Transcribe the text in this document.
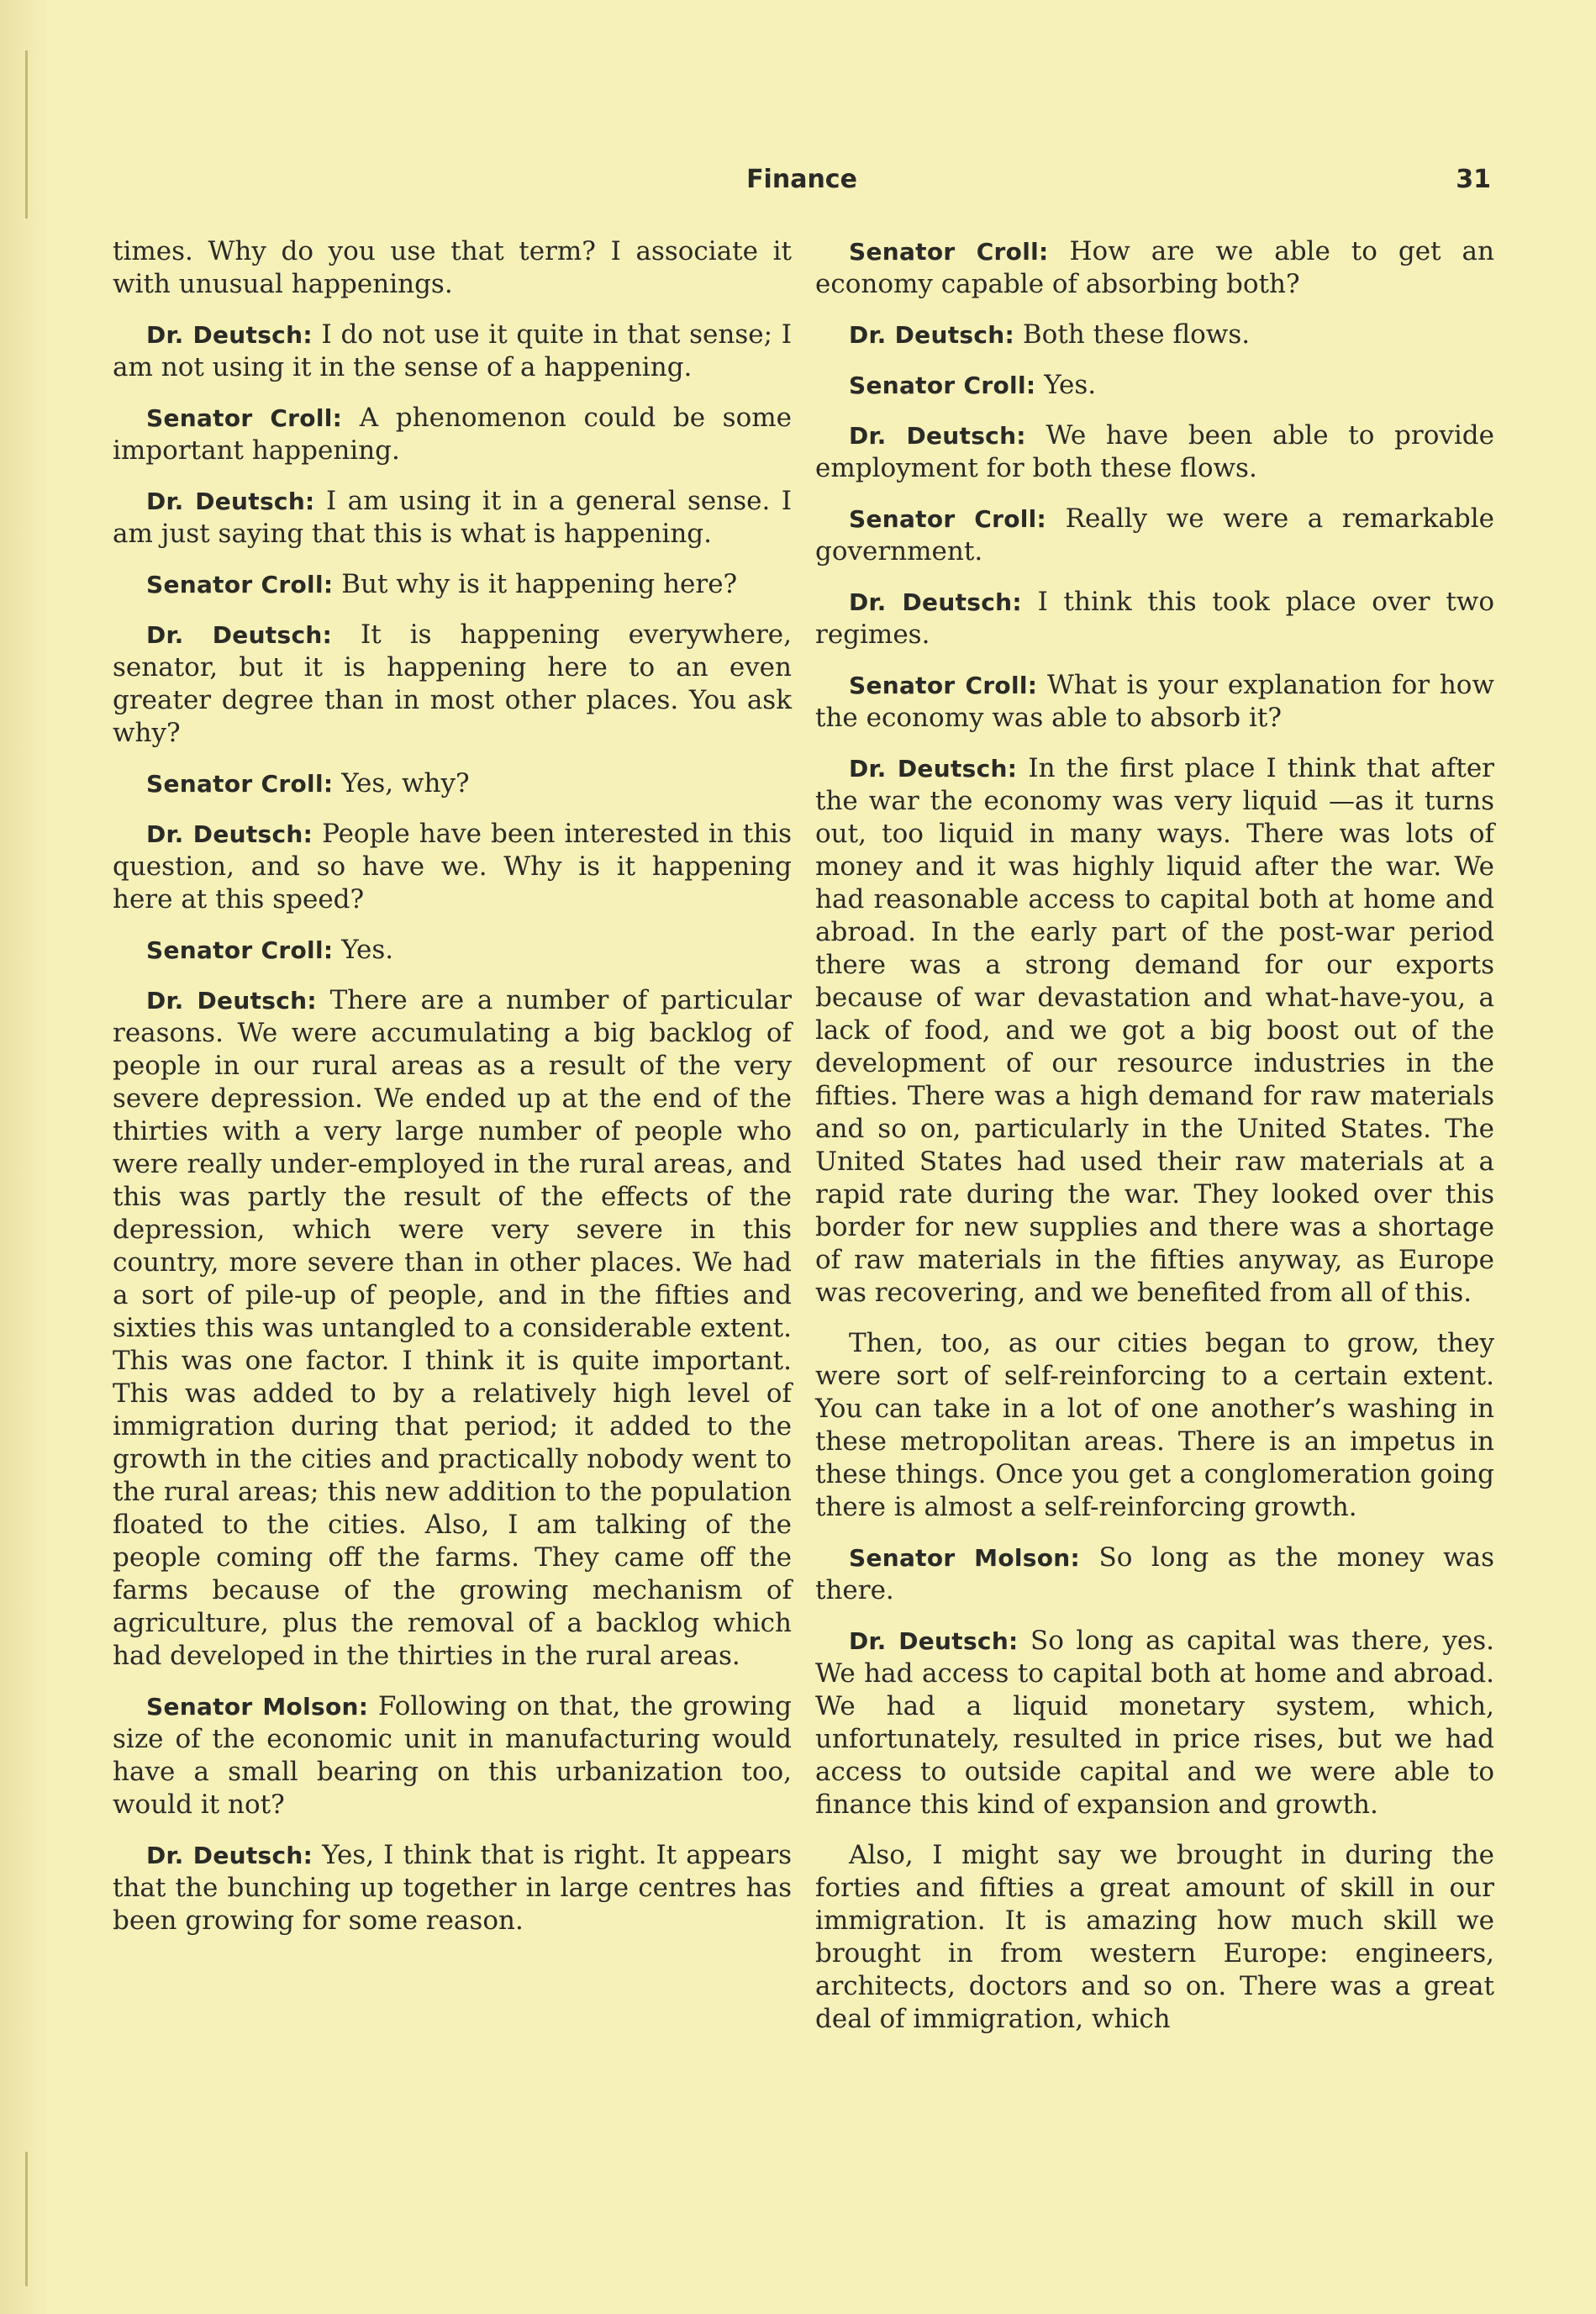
Finance	31

times. Why do you use that term? I associate it with unusual happenings.

Dr. Deutsch: I do not use it quite in that sense; I am not using it in the sense of a happening.

Senator Croll: A phenomenon could be some important happening.

Dr. Deutsch: I am using it in a general sense. I am just saying that this is what is happening.

Senator Croll: But why is it happening here?

Dr. Deutsch: It is happening everywhere, senator, but it is happening here to an even greater degree than in most other places. You ask why?

Senator Croll: Yes, why?

Dr. Deutsch: People have been interested in this question, and so have we. Why is it happening here at this speed?

Senator Croll: Yes.

Dr. Deutsch: There are a number of particular reasons. We were accumulating a big backlog of people in our rural areas as a result of the very severe depression. We ended up at the end of the thirties with a very large number of people who were really under-employed in the rural areas, and this was partly the result of the effects of the depression, which were very severe in this country, more severe than in other places. We had a sort of pile-up of people, and in the fifties and sixties this was untangled to a considerable extent. This was one factor. I think it is quite important. This was added to by a relatively high level of immigration during that period; it added to the growth in the cities and practically nobody went to the rural areas; this new addition to the population floated to the cities. Also, I am talking of the people coming off the farms. They came off the farms because of the growing mechanism of agriculture, plus the removal of a backlog which had developed in the thirties in the rural areas.

Senator Molson: Following on that, the growing size of the economic unit in manufacturing would have a small bearing on this urbanization too, would it not?

Dr. Deutsch: Yes, I think that is right. It appears that the bunching up together in large centres has been growing for some reason.

Senator Croll: How are we able to get an economy capable of absorbing both?

Dr. Deutsch: Both these flows.

Senator Croll: Yes.

Dr. Deutsch: We have been able to provide employment for both these flows.

Senator Croll: Really we were a remarkable government.

Dr. Deutsch: I think this took place over two regimes.

Senator Croll: What is your explanation for how the economy was able to absorb it?

Dr. Deutsch: In the first place I think that after the war the economy was very liquid —as it turns out, too liquid in many ways. There was lots of money and it was highly liquid after the war. We had reasonable access to capital both at home and abroad. In the early part of the post-war period there was a strong demand for our exports because of war devastation and what-have-you, a lack of food, and we got a big boost out of the development of our resource industries in the fifties. There was a high demand for raw materials and so on, particularly in the United States. The United States had used their raw materials at a rapid rate during the war. They looked over this border for new supplies and there was a shortage of raw materials in the fifties anyway, as Europe was recovering, and we benefited from all of this.

Then, too, as our cities began to grow, they were sort of self-reinforcing to a certain extent. You can take in a lot of one another’s washing in these metropolitan areas. There is an impetus in these things. Once you get a conglomeration going there is almost a self-reinforcing growth.

Senator Molson: So long as the money was there.

Dr. Deutsch: So long as capital was there, yes. We had access to capital both at home and abroad. We had a liquid monetary system, which, unfortunately, resulted in price rises, but we had access to outside capital and we were able to finance this kind of expansion and growth.

Also, I might say we brought in during the forties and fifties a great amount of skill in our immigration. It is amazing how much skill we brought in from western Europe: engineers, architects, doctors and so on. There was a great deal of immigration, which
